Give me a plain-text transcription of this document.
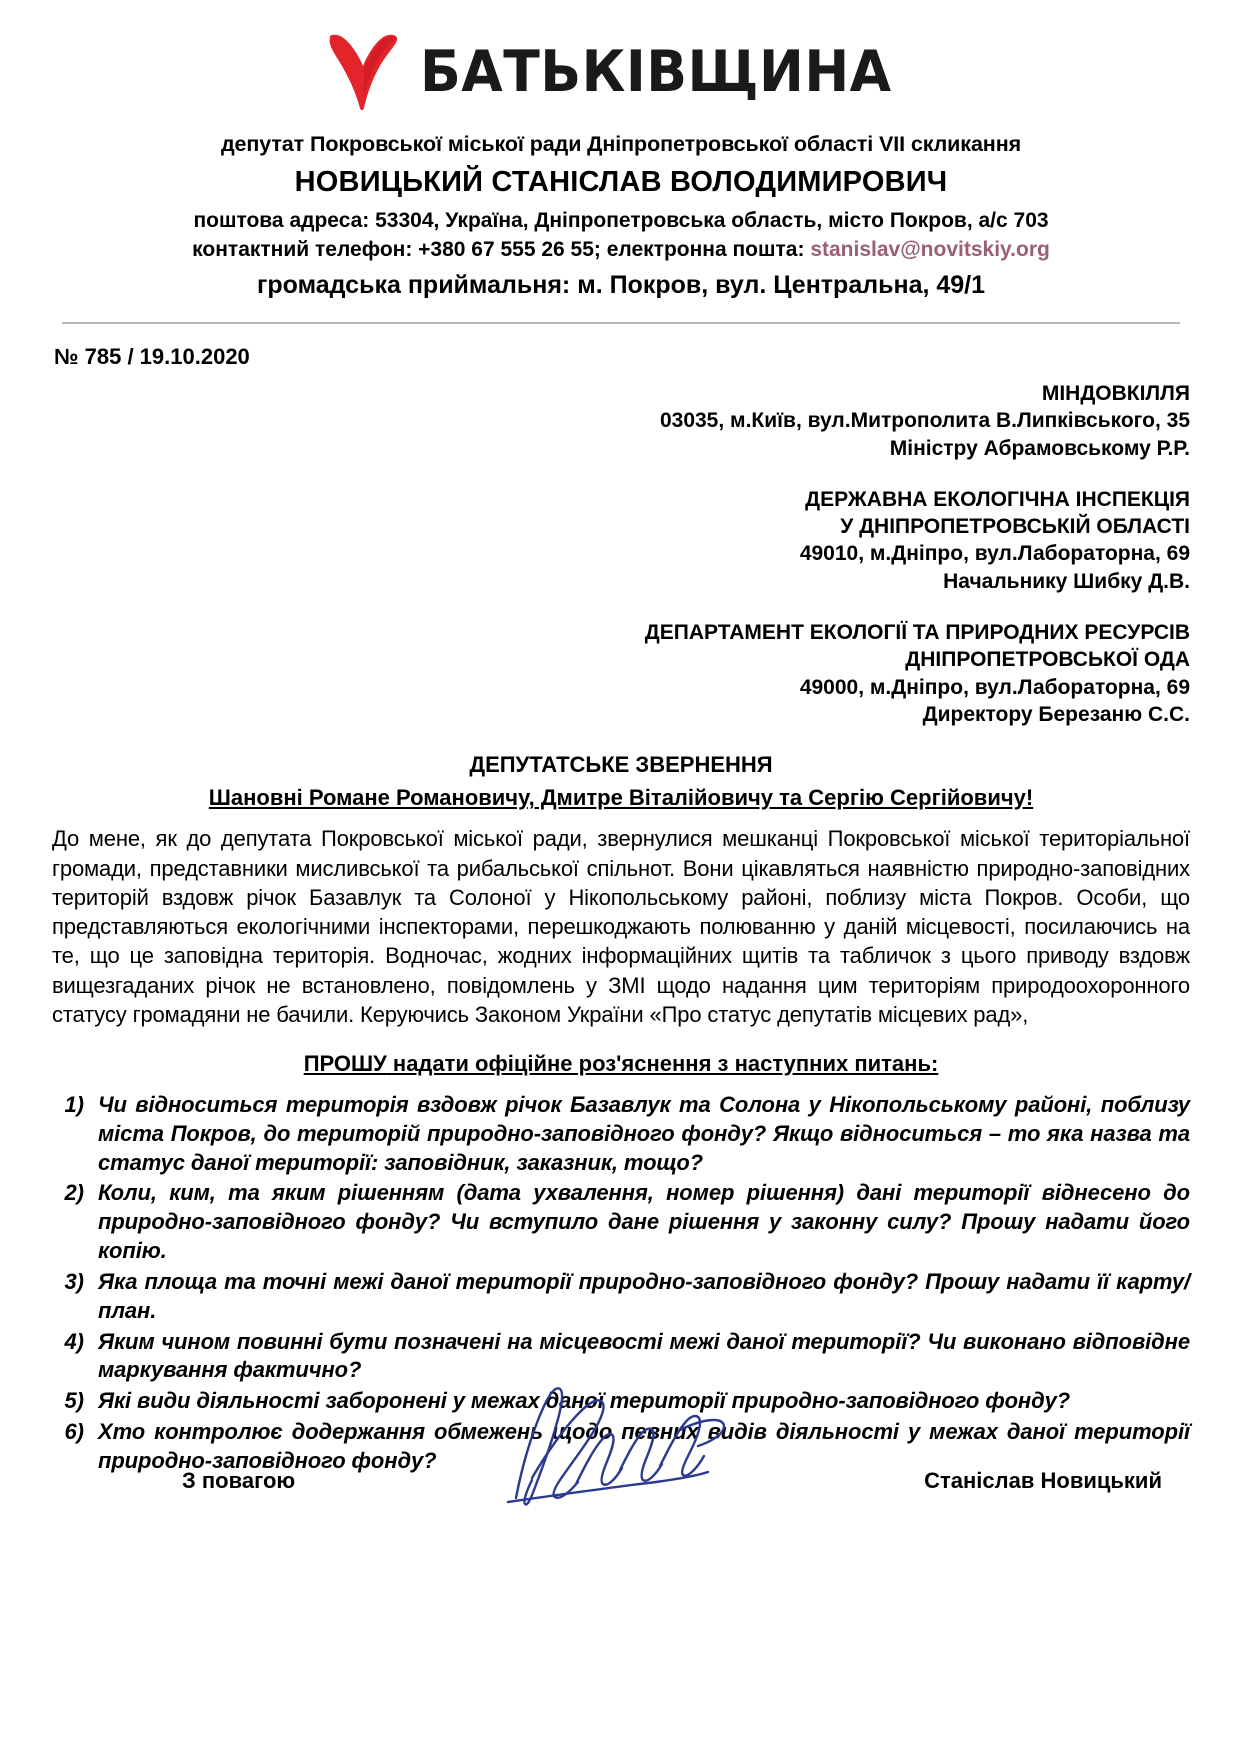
БАТЬКІВЩИНА
депутат Покровської міської ради Дніпропетровської області VII скликання
НОВИЦЬКИЙ СТАНІСЛАВ ВОЛОДИМИРОВИЧ
поштова адреса: 53304, Україна, Дніпропетровська область, місто Покров, а/с 703
контактний телефон: +380 67 555 26 55; електронна пошта: stanislav@novitskiy.org
громадська приймальня: м. Покров, вул. Центральна, 49/1
№ 785 / 19.10.2020
МІНДОВКІЛЛЯ
03035, м.Київ, вул.Митрополита В.Липківського, 35
Міністру Абрамовському Р.Р.
ДЕРЖАВНА ЕКОЛОГІЧНА ІНСПЕКЦІЯ
У ДНІПРОПЕТРОВСЬКІЙ ОБЛАСТІ
49010, м.Дніпро, вул.Лабораторна, 69
Начальнику Шибку Д.В.
ДЕПАРТАМЕНТ ЕКОЛОГІЇ ТА ПРИРОДНИХ РЕСУРСІВ
ДНІПРОПЕТРОВСЬКОЇ ОДА
49000, м.Дніпро, вул.Лабораторна, 69
Директору Березаню С.С.
ДЕПУТАТСЬКЕ ЗВЕРНЕННЯ
Шановні Романе Романовичу, Дмитре Віталійовичу та Сергію Сергійовичу!

До мене, як до депутата Покровської міської ради, звернулися мешканці Покровської міської територіальної громади, представники мисливської та рибальської спільнот. Вони цікавляться наявністю природно-заповідних територій вздовж річок Базавлук та Солоної у Нікопольському районі, поблизу міста Покров. Особи, що представляються екологічними інспекторами, перешкоджають полюванню у даній місцевості, посилаючись на те, що це заповідна територія. Водночас, жодних інформаційних щитів та табличок з цього приводу вздовж вищезгаданих річок не встановлено, повідомлень у ЗМІ щодо надання цим територіям природоохоронного статусу громадяни не бачили. Керуючись Законом України «Про статус депутатів місцевих рад»,

ПРОШУ надати офіційне роз'яснення з наступних питань:
1) Чи відноситься територія вздовж річок Базавлук та Солона у Нікопольському районі, поблизу міста Покров, до територій природно-заповідного фонду? Якщо відноситься – то яка назва та статус даної території: заповідник, заказник, тощо?
2) Коли, ким, та яким рішенням (дата ухвалення, номер рішення) дані території віднесено до природно-заповідного фонду? Чи вступило дане рішення у законну силу? Прошу надати його копію.
3) Яка площа та точні межі даної території природно-заповідного фонду? Прошу надати її карту/план.
4) Яким чином повинні бути позначені на місцевості межі даної території? Чи виконано відповідне маркування фактично?
5) Які види діяльності заборонені у межах даної території природно-заповідного фонду?
6) Хто контролює додержання обмежень щодо певних видів діяльності у межах даної території природно-заповідного фонду?
З повагою	Станіслав Новицький
